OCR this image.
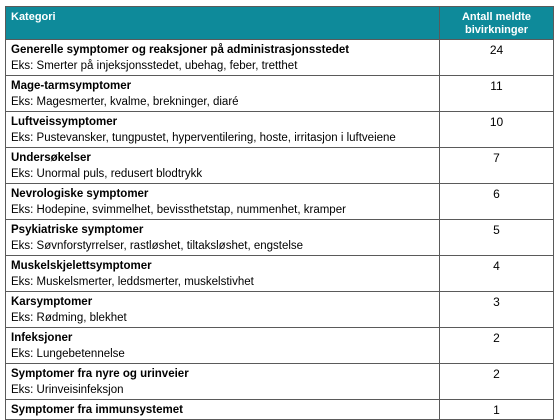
Kategori	Antall meldte bivirkninger

Generelle symptomer og reaksjoner på administrasjonsstedet
Eks: Smerter på injeksjonsstedet, ubehag, feber, tretthet	24

Mage-tarmsymptomer
Eks: Magesmerter, kvalme, brekninger, diaré	11

Luftveissymptomer
Eks: Pustevansker, tungpustet, hyperventilering, hoste, irritasjon i luftveiene	10

Undersøkelser
Eks: Unormal puls, redusert blodtrykk	7

Nevrologiske symptomer
Eks: Hodepine, svimmelhet, bevissthetstap, nummenhet, kramper	6

Psykiatriske symptomer
Eks: Søvnforstyrrelser, rastløshet, tiltaksløshet, engstelse	5

Muskelskjelettsymptomer
Eks: Muskelsmerter, leddsmerter, muskelstivhet	4

Karsymptomer
Eks: Rødming, blekhet	3

Infeksjoner
Eks: Lungebetennelse	2

Symptomer fra nyre og urinveier
Eks: Urinveisinfeksjon	2

Symptomer fra immunsystemet	1
